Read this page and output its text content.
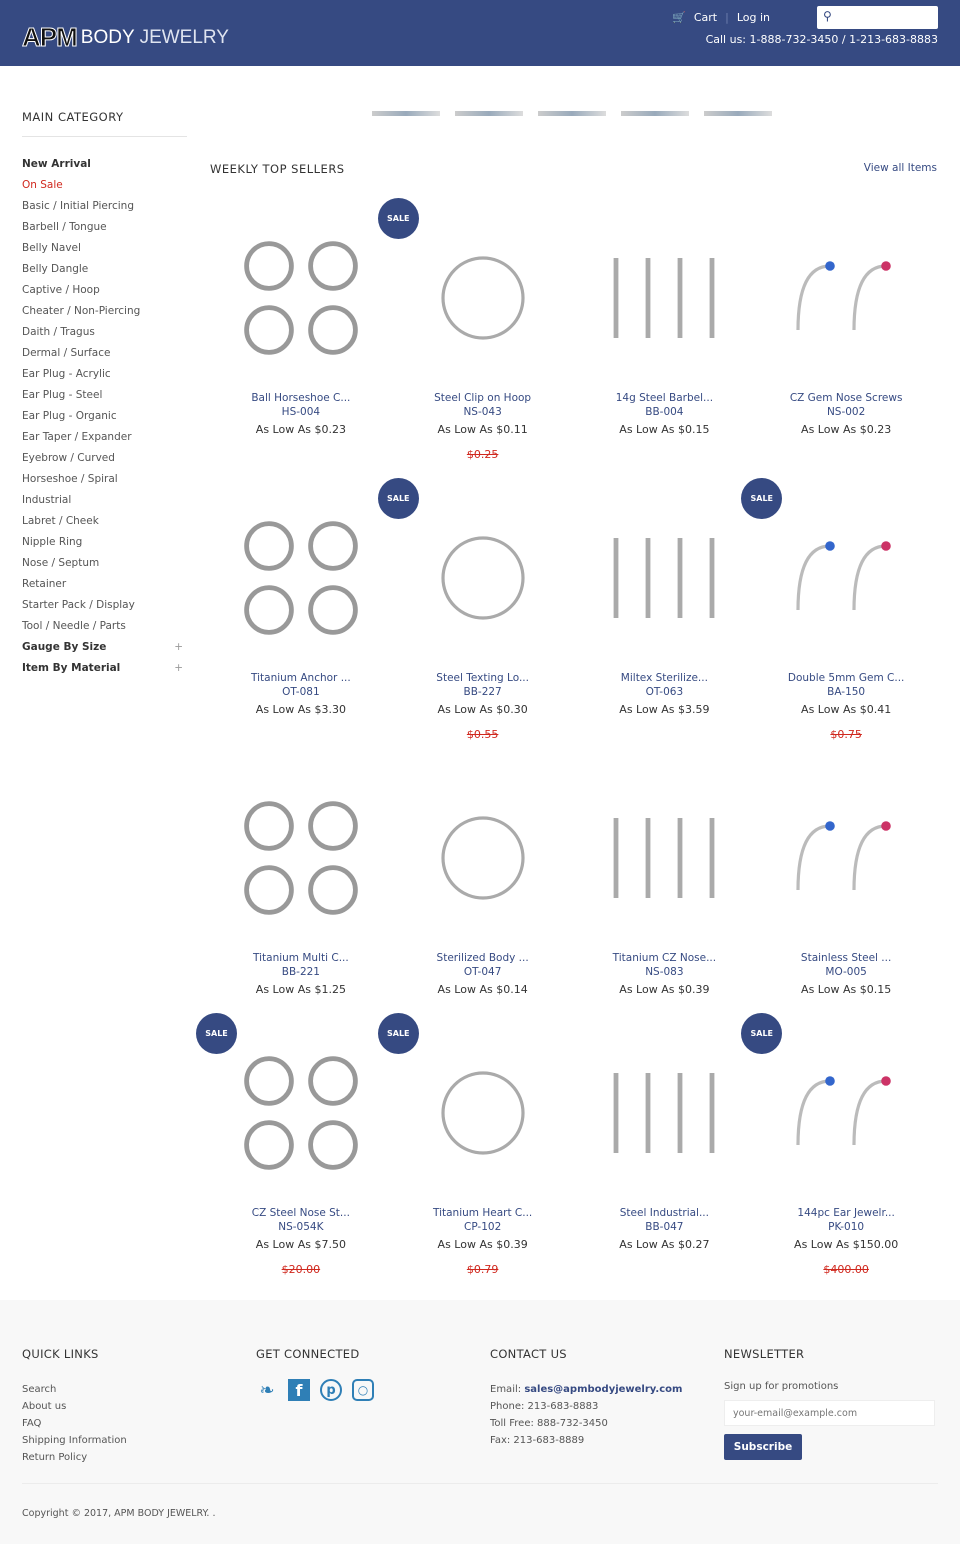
APM BODY JEWELRY
🛒 Cart | Log in	⚲
Call us: 1-888-732-3450 / 1-213-683-8883
MAIN CATEGORY
New Arrival
On Sale
Basic / Initial Piercing
Barbell / Tongue
Belly Navel
Belly Dangle
Captive / Hoop
Cheater / Non-Piercing
Daith / Tragus
Dermal / Surface
Ear Plug - Acrylic
Ear Plug - Steel
Ear Plug - Organic
Ear Taper / Expander
Eyebrow / Curved
Horseshoe / Spiral
Industrial
Labret / Cheek
Nipple Ring
Nose / Septum
Retainer
Starter Pack / Display
Tool / Needle / Parts
Gauge By Size	+
Item By Material	+
WEEKLY TOP SELLERS	View all Items
Ball Horseshoe C...
HS-004
As Low As $0.23
SALE
Steel Clip on Hoop
NS-043
As Low As $0.11
$0.25
14g Steel Barbel...
BB-004
As Low As $0.15
CZ Gem Nose Screws
NS-002
As Low As $0.23
Titanium Anchor ...
OT-081
As Low As $3.30
SALE
Steel Texting Lo...
BB-227
As Low As $0.30
$0.55
Miltex Sterilize...
OT-063
As Low As $3.59
SALE
Double 5mm Gem C...
BA-150
As Low As $0.41
$0.75
Titanium Multi C...
BB-221
As Low As $1.25
Sterilized Body ...
OT-047
As Low As $0.14
Titanium CZ Nose...
NS-083
As Low As $0.39
Stainless Steel ...
MO-005
As Low As $0.15
SALE
CZ Steel Nose St...
NS-054K
As Low As $7.50
$20.00
SALE
Titanium Heart C...
CP-102
As Low As $0.39
$0.79
Steel Industrial...
BB-047
As Low As $0.27
SALE
144pc Ear Jewelr...
PK-010
As Low As $150.00
$400.00
QUICK LINKS
Search
About us
FAQ
Shipping Information
Return Policy
GET CONNECTED
❧	f	p	○
CONTACT US
Email: sales@apmbodyjewelry.com
Phone: 213-683-8883
Toll Free: 888-732-3450
Fax: 213-683-8889
NEWSLETTER
Sign up for promotions
your-email@example.com
Subscribe
Copyright © 2017, APM BODY JEWELRY. .
